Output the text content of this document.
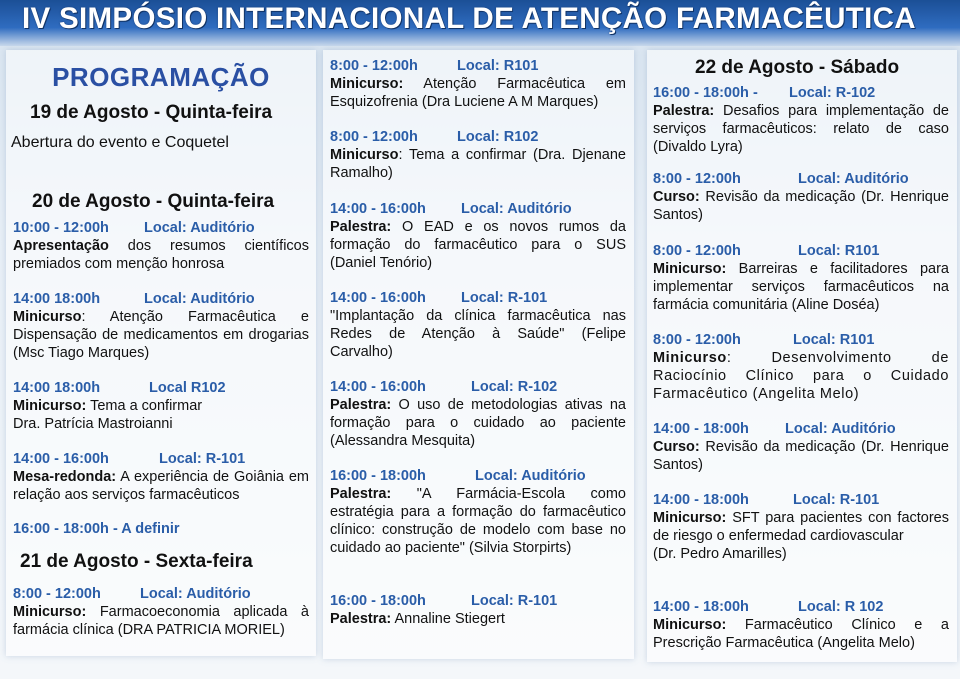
IV SIMPÓSIO INTERNACIONAL DE ATENÇÃO FARMACÊUTICA
PROGRAMAÇÃO
19 de Agosto - Quinta-feira
Abertura do evento e Coquetel
20 de Agosto - Quinta-feira
10:00 - 12:00h Local: Auditório
Apresentação dos resumos científicos premiados com menção honrosa
14:00 18:00h	Local: Auditório
Minicurso: Atenção Farmacêutica e Dispensação de medicamentos em drogarias (Msc Tiago Marques)
14:00 18:00h	Local R102
Minicurso: Tema a confirmar
Dra. Patrícia Mastroianni
14:00 - 16:00h	Local: R-101
Mesa-redonda: A experiência de Goiânia em relação aos serviços farmacêuticos
16:00 - 18:00h - A definir
21 de Agosto - Sexta-feira
8:00 - 12:00h	Local: Auditório
Minicurso: Farmacoeconomia aplicada à farmácia clínica (DRA PATRICIA MORIEL)
8:00 - 12:00h	Local: R101
Minicurso: Atenção Farmacêutica em Esquizofrenia (Dra Luciene A M Marques)
8:00 - 12:00h	Local: R102
Minicurso: Tema a confirmar (Dra. Djenane Ramalho)
14:00 - 16:00h Local: Auditório
Palestra: O EAD e os novos rumos da formação do farmacêutico para o SUS (Daniel Tenório)
14:00 - 16:00h Local: R-101
"Implantação da clínica farmacêutica nas Redes de Atenção à Saúde" (Felipe Carvalho)
14:00 - 16:00h	Local: R-102
Palestra: O uso de metodologias ativas na formação para o cuidado ao paciente (Alessandra Mesquita)
16:00 - 18:00h	Local: Auditório
Palestra: "A Farmácia-Escola como estratégia para a formação do farmacêutico clínico: construção de modelo com base no cuidado ao paciente" (Silvia Storpirts)
16:00 - 18:00h	Local: R-101
Palestra: Annaline Stiegert
22 de Agosto - Sábado
16:00 - 18:00h - Local: R-102
Palestra: Desafios para implementação de serviços farmacêuticos: relato de caso (Divaldo Lyra)
8:00 - 12:00h	Local: Auditório
Curso: Revisão da medicação (Dr. Henrique Santos)
8:00 - 12:00h	Local: R101
Minicurso: Barreiras e facilitadores para implementar serviços farmacêuticos na farmácia comunitária (Aline Doséa)
8:00 - 12:00h	Local: R101
Minicurso: Desenvolvimento de Raciocínio Clínico para o Cuidado Farmacêutico (Angelita Melo)
14:00 - 18:00h Local: Auditório
Curso: Revisão da medicação (Dr. Henrique Santos)
14:00 - 18:00h	Local: R-101
Minicurso: SFT para pacientes con factores de riesgo o enfermedad cardiovascular
(Dr. Pedro Amarilles)
14:00 - 18:00h	Local: R 102
Minicurso: Farmacêutico Clínico e a Prescrição Farmacêutica (Angelita Melo)
